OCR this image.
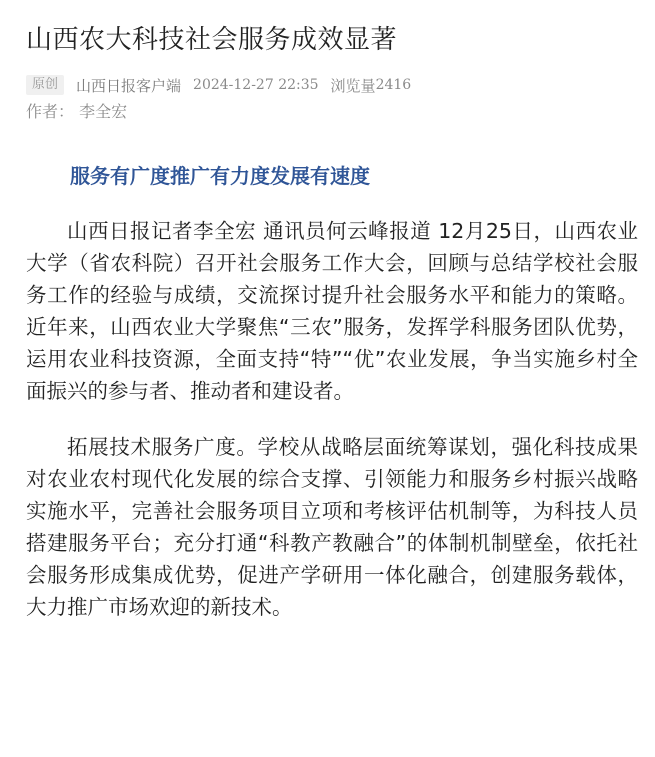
山西农大科技社会服务成效显著
原创	山西日报客户端 2024-12-27 22:35 浏览量 2416
作者： 李全宏
服务有广度推广有力度发展有速度

山西日报记者李全宏 通讯员何云峰报道 12月25日，山西农业大学（省农科院）召开社会服务工作大会，回顾与总结学校社会服务工作的经验与成绩，交流探讨提升社会服务水平和能力的策略。近年来，山西农业大学聚焦“三农”服务，发挥学科服务团队优势，运用农业科技资源，全面支持“特”“优”农业发展，争当实施乡村全面振兴的参与者、推动者和建设者。

拓展技术服务广度。学校从战略层面统筹谋划，强化科技成果对农业农村现代化发展的综合支撑、引领能力和服务乡村振兴战略实施水平，完善社会服务项目立项和考核评估机制等，为科技人员搭建服务平台；充分打通“科教产教融合”的体制机制壁垒，依托社会服务形成集成优势，促进产学研用一体化融合，创建服务载体，大力推广市场欢迎的新技术。
